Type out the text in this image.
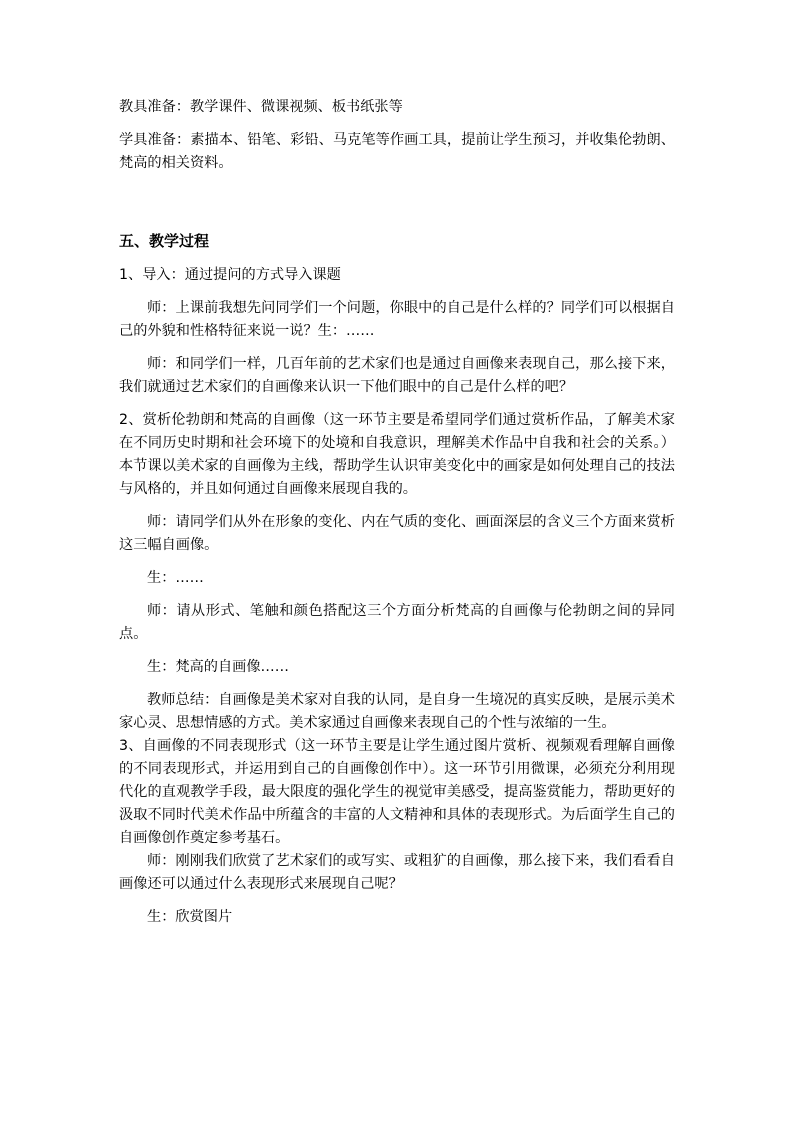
教具准备：教学课件、微课视频、板书纸张等

学具准备：素描本、铅笔、彩铅、马克笔等作画工具，提前让学生预习，并收集伦勃朗、梵高的相关资料。

五、教学过程

1、导入：通过提问的方式导入课题

师：上课前我想先问同学们一个问题，你眼中的自己是什么样的？同学们可以根据自己的外貌和性格特征来说一说？生：……

师：和同学们一样，几百年前的艺术家们也是通过自画像来表现自己，那么接下来，我们就通过艺术家们的自画像来认识一下他们眼中的自己是什么样的吧？

2、赏析伦勃朗和梵高的自画像（这一环节主要是希望同学们通过赏析作品，了解美术家在不同历史时期和社会环境下的处境和自我意识，理解美术作品中自我和社会的关系。）本节课以美术家的自画像为主线，帮助学生认识审美变化中的画家是如何处理自己的技法与风格的，并且如何通过自画像来展现自我的。

师：请同学们从外在形象的变化、内在气质的变化、画面深层的含义三个方面来赏析这三幅自画像。

生：……

师：请从形式、笔触和颜色搭配这三个方面分析梵高的自画像与伦勃朗之间的异同点。

生：梵高的自画像……

教师总结：自画像是美术家对自我的认同，是自身一生境况的真实反映，是展示美术家心灵、思想情感的方式。美术家通过自画像来表现自己的个性与浓缩的一生。

3、自画像的不同表现形式（这一环节主要是让学生通过图片赏析、视频观看理解自画像的不同表现形式，并运用到自己的自画像创作中）。这一环节引用微课，必须充分利用现代化的直观教学手段，最大限度的强化学生的视觉审美感受，提高鉴赏能力，帮助更好的汲取不同时代美术作品中所蕴含的丰富的人文精神和具体的表现形式。为后面学生自己的自画像创作奠定参考基石。

师：刚刚我们欣赏了艺术家们的或写实、或粗犷的自画像，那么接下来，我们看看自画像还可以通过什么表现形式来展现自己呢？

生：欣赏图片
